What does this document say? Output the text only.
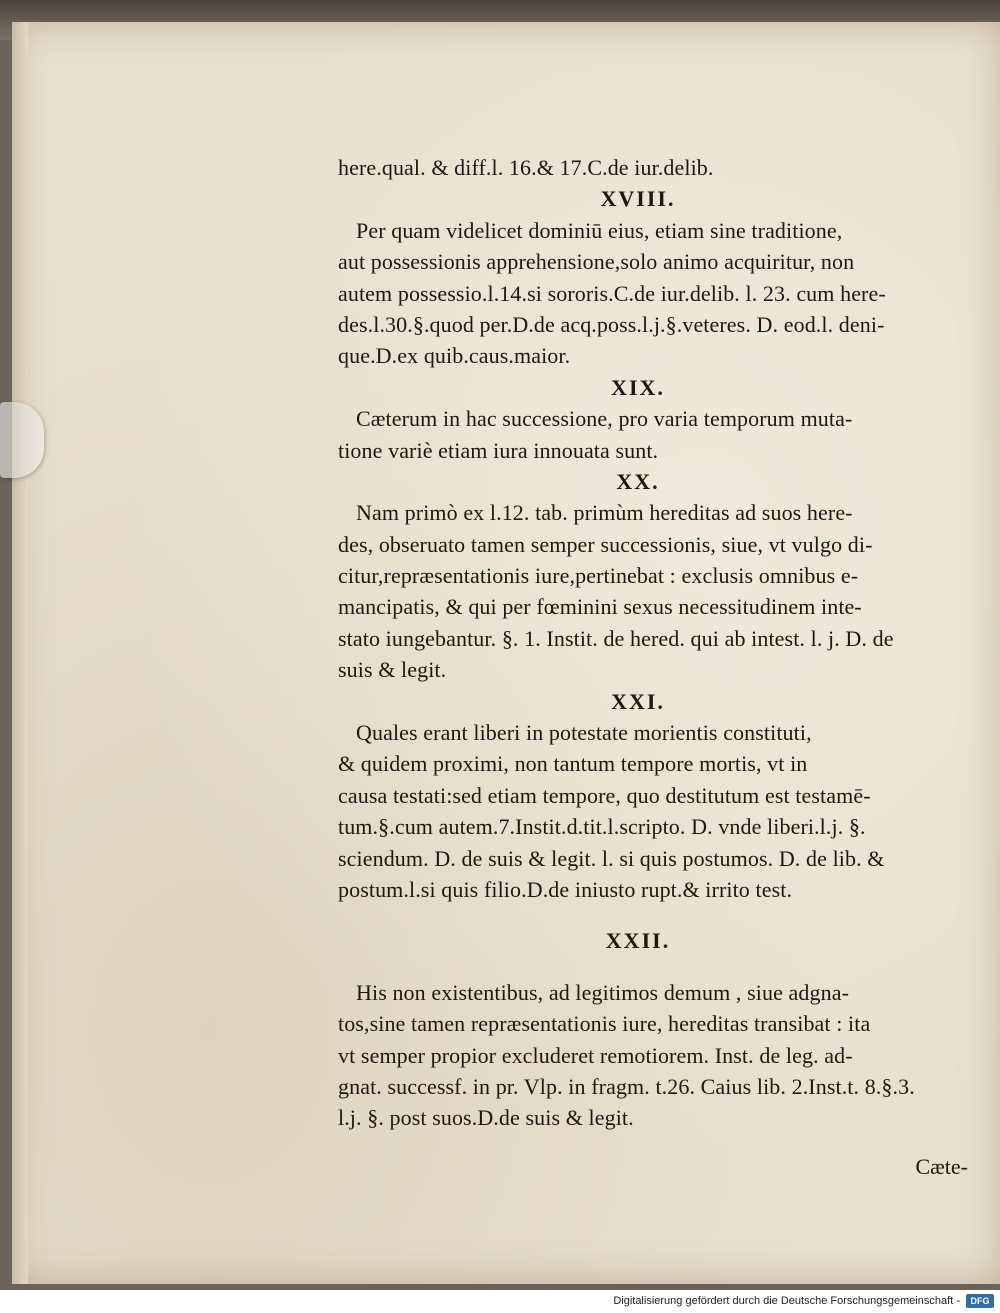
here.qual. & diff.l. 16.& 17.C.de iur.delib.
XVIII.
Per quam videlicet dominiū eius, etiam sine traditione,
aut possessionis apprehensione,solo animo acquiritur, non
autem possessio.l.14.si sororis.C.de iur.delib. l. 23. cum here-
des.l.30.§.quod per.D.de acq.poss.l.j.§.veteres. D. eod.l. deni-
que.D.ex quib.caus.maior.
XIX.
Cæterum in hac successione, pro varia temporum muta-
tione variè etiam iura innouata sunt.
XX.
Nam primò ex l.12. tab. primùm hereditas ad suos here-
des, obseruato tamen semper successionis, siue, vt vulgo di-
citur,repræsentationis iure,pertinebat : exclusis omnibus e-
mancipatis, & qui per fœminini sexus necessitudinem inte-
stato iungebantur. §. 1. Instit. de hered. qui ab intest. l. j. D. de
suis & legit.
XXI.
Quales erant liberi in potestate morientis constituti,
& quidem proximi, non tantum tempore mortis, vt in
causa testati:sed etiam tempore, quo destitutum est testamē-
tum.§.cum autem.7.Instit.d.tit.l.scripto. D. vnde liberi.l.j. §.
sciendum. D. de suis & legit. l. si quis postumos. D. de lib. &
postum.l.si quis filio.D.de iniusto rupt.& irrito test.
XXII.
His non existentibus, ad legitimos demum , siue adgna-
tos,sine tamen repræsentationis iure, hereditas transibat : ita
vt semper propior excluderet remotiorem. Inst. de leg. ad-
gnat. successf. in pr. Vlp. in fragm. t.26. Caius lib. 2.Inst.t. 8.§.3.
l.j. §. post suos.D.de suis & legit.
Cæte-
Digitalisierung gefördert durch die Deutsche Forschungsgemeinschaft -	DFG
